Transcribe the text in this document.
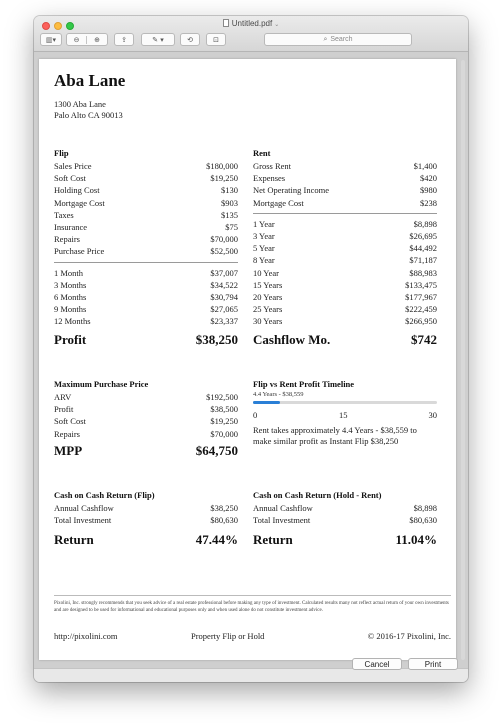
Untitled.pdf ⌄
▥▾	⊖	⊕	⇪	✎ ▾	⟲	⊡	⌕ Search
Aba Lane
1300 Aba Lane
Palo Alto CA 90013
Flip
Sales Price	$180,000
Soft Cost	$19,250
Holding Cost	$130
Mortgage Cost	$903
Taxes	$135
Insurance	$75
Repairs	$70,000
Purchase Price	$52,500
1 Month	$37,007
3 Months	$34,522
6 Months	$30,794
9 Months	$27,065
12 Months	$23,337
Profit	$38,250
Rent
Gross Rent	$1,400
Expenses	$420
Net Operating Income	$980
Mortgage Cost	$238
1 Year	$8,898
3 Year	$26,695
5 Year	$44,492
8 Year	$71,187
10 Year	$88,983
15 Years	$133,475
20 Years	$177,967
25 Years	$222,459
30 Years	$266,950
Cashflow Mo.	$742
Maximum Purchase Price
ARV	$192,500
Profit	$38,500
Soft Cost	$19,250
Repairs	$70,000
MPP	$64,750
Flip vs Rent Profit Timeline
4.4 Years - $38,559
0	15	30
Rent takes approximately 4.4 Years - $38,559 to make similar profit as Instant Flip $38,250
Cash on Cash Return (Flip)
Annual Cashflow	$38,250
Total Investment	$80,630
Return	47.44%
Cash on Cash Return (Hold - Rent)
Annual Cashflow	$8,898
Total Investment	$80,630
Return	11.04%
Pixolini, Inc. strongly recommends that you seek advice of a real estate professional before making any type of investment. Calculated results many not reflect actual return of your own investments and are designed to be used for informational and educational purposes only and when used alone do not constitute investment advice.
http://pixolini.com	Property Flip or Hold	© 2016-17 Pixolini, Inc.
Cancel	Print
